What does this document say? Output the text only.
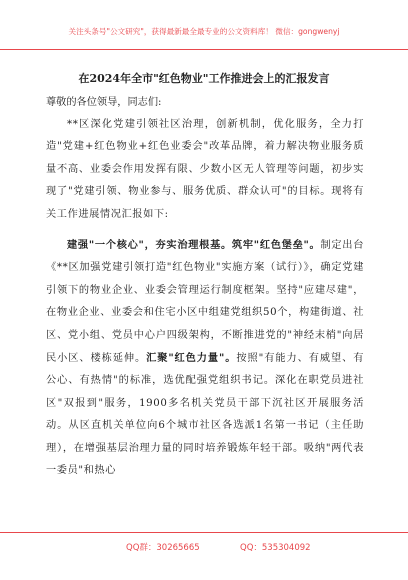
关注头条号"公文研究"，获得最新最全最专业的公文资料库！ 微信：gongwenyj
在2024年全市"红色物业"工作推进会上的汇报发言
尊敬的各位领导，同志们:

**区深化党建引领社区治理，创新机制，优化服务，全力打造"党建+红色物业+红色业委会"改革品牌，着力解决物业服务质量不高、业委会作用发挥有限、少数小区无人管理等问题，初步实现了"党建引领、物业参与、服务优质、群众认可"的目标。现将有关工作进展情况汇报如下:

建强"一个核心"，夯实治理根基。筑牢"红色堡垒"。制定出台《**区加强党建引领打造"红色物业"实施方案（试行）》，确定党建引领下的物业企业、业委会管理运行制度框架。坚持"应建尽建"，在物业企业、业委会和住宅小区中组建党组织50个，构建街道、社区、党小组、党员中心户四级架构，不断推进党的"神经末梢"向居民小区、楼栋延伸。汇聚"红色力量"。按照"有能力、有威望、有公心、有热情"的标准，选优配强党组织书记。深化在职党员进社区"双报到"服务，1900多名机关党员干部下沉社区开展服务活动。从区直机关单位向6个城市社区各选派1名第一书记（主任助理），在增强基层治理力量的同时培养锻炼年轻干部。吸纳"两代表一委员"和热心

QQ群：30265665	QQ：535304092
